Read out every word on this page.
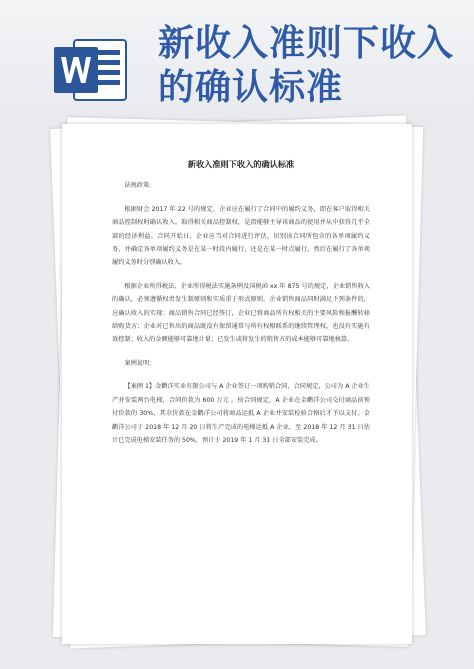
新收入准则下收入的确认标准
新收入准则下收入的确认标准
法规政策:
根据财会 2017 年 22 号的规定，企业应在履行了合同中的履约义务，即在客户取得相关商品控制权时确认收入。取得相关商品控制权，是指能够主导该商品的使用并从中获得几乎全部的经济利益。合同开始日，企业应当对合同进行评估，识别该合同所包含的各单项履约义务，并确定各单项履约义务是在某一时段内履行，还是在某一时点履行，然后在履行了各单项履约义务时分别确认收入。
根据企业所得税法、企业所得税法实施条例及国税函 xx 年 875 号的规定，企业销售收入的确认，必须遵循权责发生制原则和实质重于形式原则。企业销售商品同时满足下列条件的，应确认收入的实现：商品销售合同已经签订，企业已将商品所有权相关的主要风险和报酬转移给购货方；企业对已售出的商品既没有保留通常与所有权相联系的继续管理权，也没有实施有效控制；收入的金额能够可靠地计量；已发生或将发生的销售方的成本能够可靠地核算。
案例说明：
【案例 1】金鹳洋实业有限公司与 A 企业签订一项购销合同，合同规定，公司为 A 企业生产并安装两台电梯，合同价款为 600 万元 。按合同规定，A 企业在金鹳洋公司交付商品前预付价款的 30%，其余价款在金鹳洋公司将商品运抵 A 企业并安装检验合格后才予以支付。金鹳洋公司于 2018 年 12 月 20 日将生产完成的电梯运抵 A 企业，至 2018 年 12 月 31 日估计已完成电梯安装任务的 50%，预计于 2019 年 1 月 31 日全部安装完成。
